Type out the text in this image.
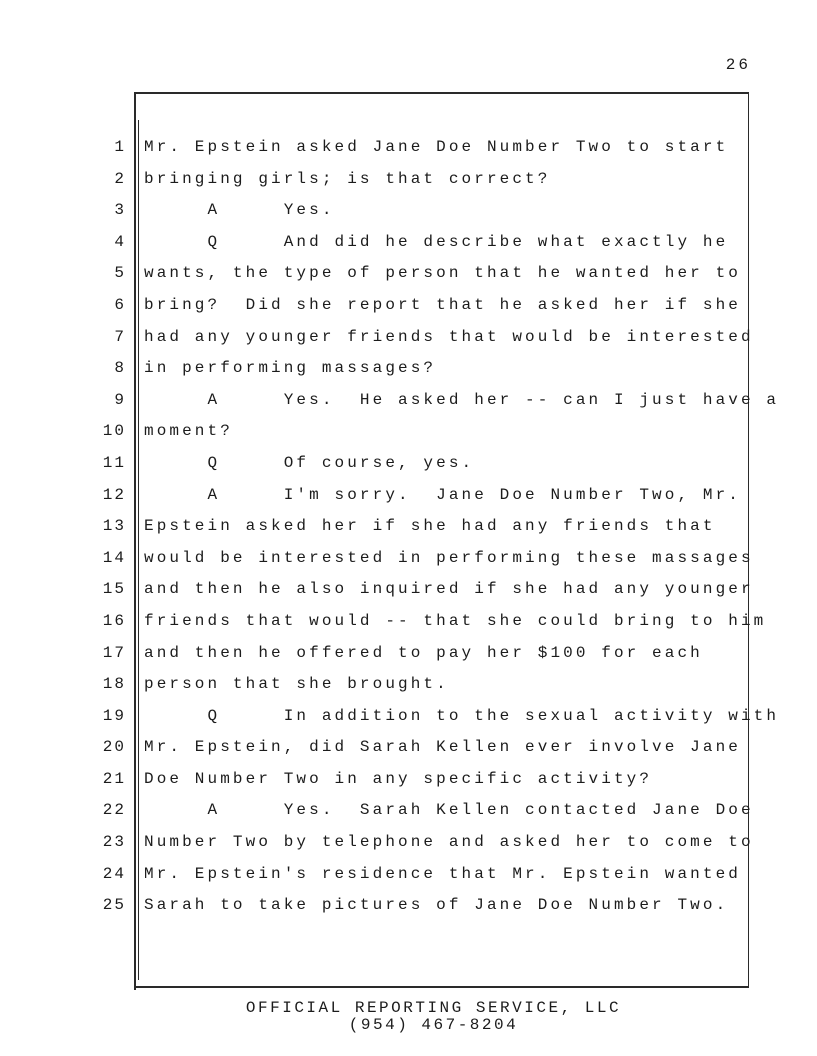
26
1 Mr. Epstein asked Jane Doe Number Two to start
2 bringing girls; is that correct?
3 A     Yes.
4 Q     And did he describe what exactly he
5 wants, the type of person that he wanted her to
6 bring?  Did she report that he asked her if she
7 had any younger friends that would be interested
8 in performing massages?
9 A     Yes.  He asked her -- can I just have a
10 moment?
11 Q     Of course, yes.
12 A     I'm sorry.  Jane Doe Number Two, Mr.
13 Epstein asked her if she had any friends that
14 would be interested in performing these massages
15 and then he also inquired if she had any younger
16 friends that would -- that she could bring to him
17 and then he offered to pay her $100 for each
18 person that she brought.
19 Q     In addition to the sexual activity with
20 Mr. Epstein, did Sarah Kellen ever involve Jane
21 Doe Number Two in any specific activity?
22 A     Yes.  Sarah Kellen contacted Jane Doe
23 Number Two by telephone and asked her to come to
24 Mr. Epstein's residence that Mr. Epstein wanted
25 Sarah to take pictures of Jane Doe Number Two.
OFFICIAL REPORTING SERVICE, LLC
(954) 467-8204
